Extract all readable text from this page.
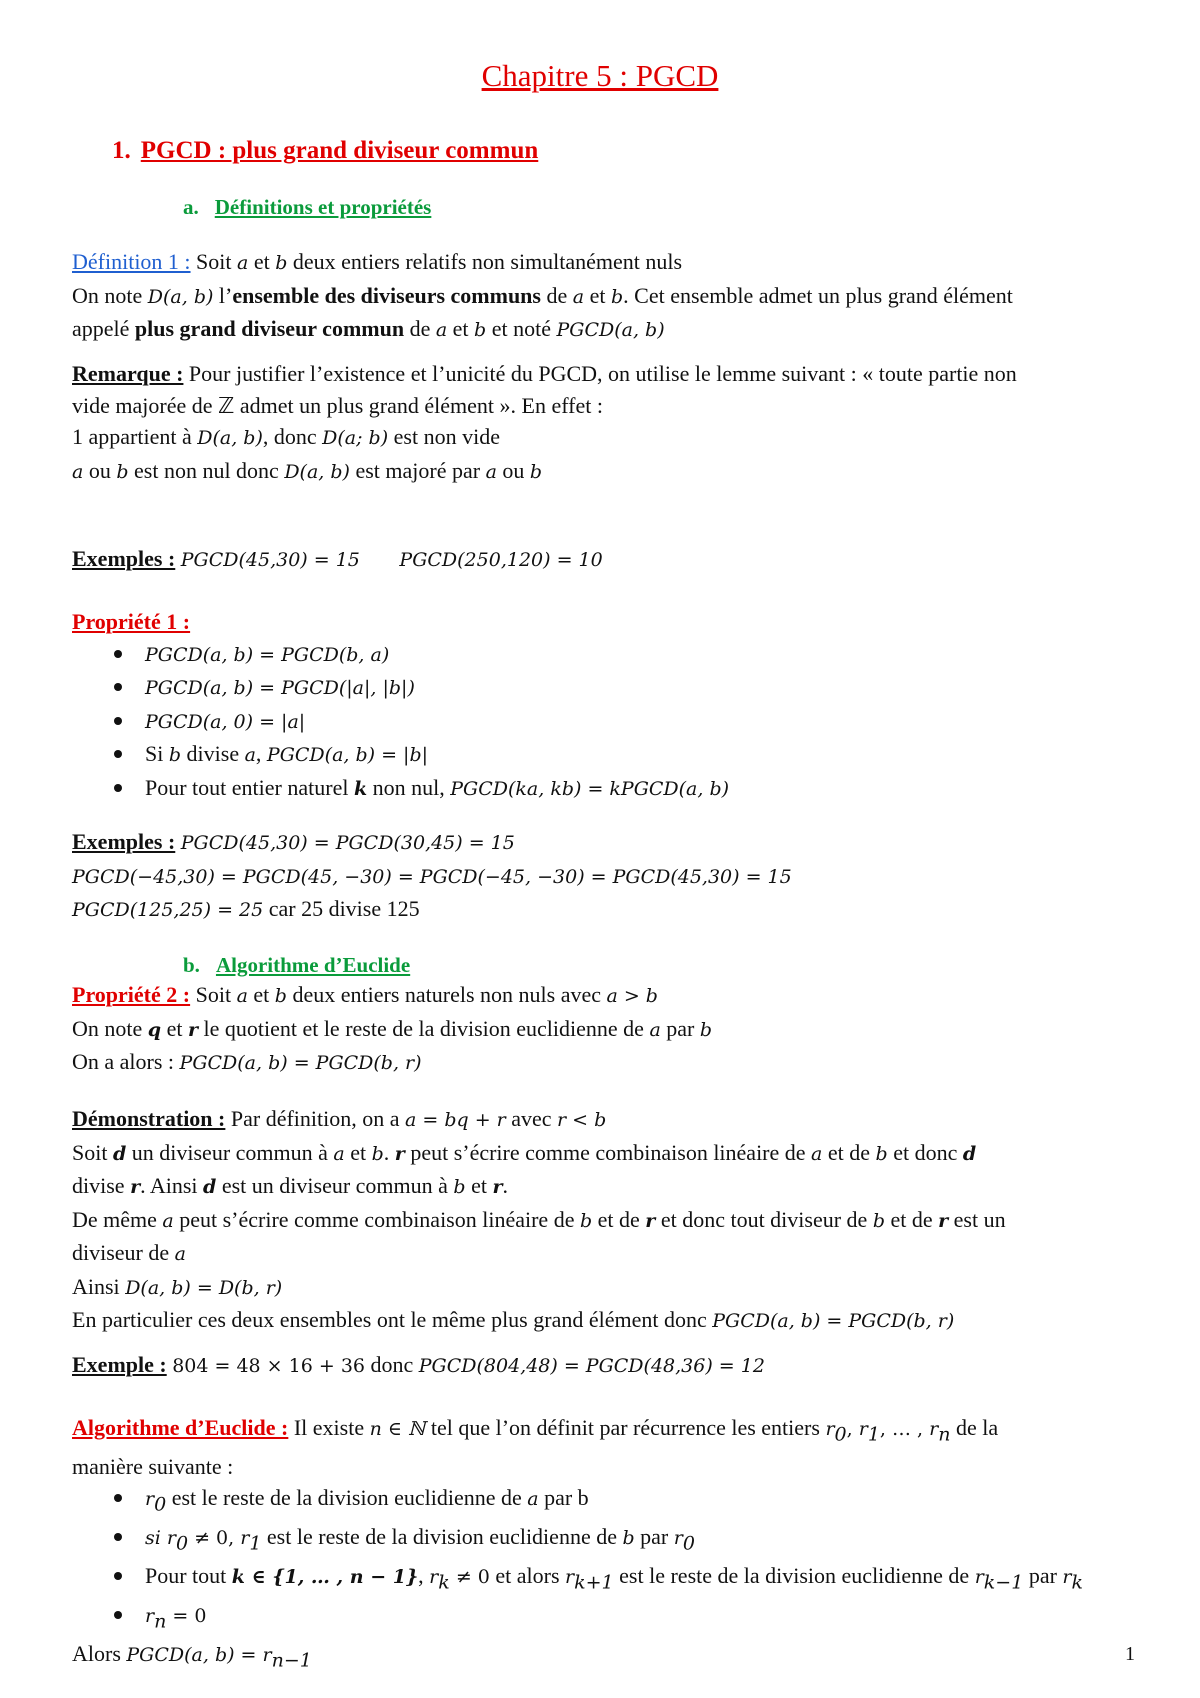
Chapitre 5 : PGCD
1. PGCD : plus grand diviseur commun
a. Définitions et propriétés
Définition 1 : Soit a et b deux entiers relatifs non simultanément nuls
On note D(a, b) l’ensemble des diviseurs communs de a et b. Cet ensemble admet un plus grand élément
appelé plus grand diviseur commun de a et b et noté PGCD(a, b)
Remarque : Pour justifier l’existence et l’unicité du PGCD, on utilise le lemme suivant : « toute partie non
vide majorée de ℤ admet un plus grand élément ». En effet :
1 appartient à D(a, b), donc D(a; b) est non vide
a ou b est non nul donc D(a, b) est majoré par a ou b
Exemples : PGCD(45,30) = 15 PGCD(250,120) = 10
Propriété 1 :
PGCD(a, b) = PGCD(b, a)
PGCD(a, b) = PGCD(|a|, |b|)
PGCD(a, 0) = |a|
Si b divise a, PGCD(a, b) = |b|
Pour tout entier naturel k non nul, PGCD(ka, kb) = kPGCD(a, b)
Exemples : PGCD(45,30) = PGCD(30,45) = 15
PGCD(−45,30) = PGCD(45, −30) = PGCD(−45, −30) = PGCD(45,30) = 15
PGCD(125,25) = 25 car 25 divise 125
b. Algorithme d’Euclide
Propriété 2 : Soit a et b deux entiers naturels non nuls avec a > b
On note q et r le quotient et le reste de la division euclidienne de a par b
On a alors : PGCD(a, b) = PGCD(b, r)
Démonstration : Par définition, on a a = bq + r avec r < b
Soit d un diviseur commun à a et b. r peut s’écrire comme combinaison linéaire de a et de b et donc d
divise r. Ainsi d est un diviseur commun à b et r.
De même a peut s’écrire comme combinaison linéaire de b et de r et donc tout diviseur de b et de r est un
diviseur de a
Ainsi D(a, b) = D(b, r)
En particulier ces deux ensembles ont le même plus grand élément donc PGCD(a, b) = PGCD(b, r)
Exemple : 804 = 48 × 16 + 36 donc PGCD(804,48) = PGCD(48,36) = 12
Algorithme d’Euclide : Il existe n ∈ ℕ tel que l’on définit par récurrence les entiers $r_0$, $r_1$, … , $r_n$ de la
manière suivante :
$r_0$ est le reste de la division euclidienne de a par b
si $r_0 \ne 0$, $r_1$ est le reste de la division euclidienne de b par $r_0$
Pour tout k ∈ {1, … , n − 1}, $r_k \ne 0$ et alors $r_{k+1}$ est le reste de la division euclidienne de $r_{k-1}$ par $r_k$
$r_n = 0$
Alors PGCD(a, $b) = r_{n-1}$	1
